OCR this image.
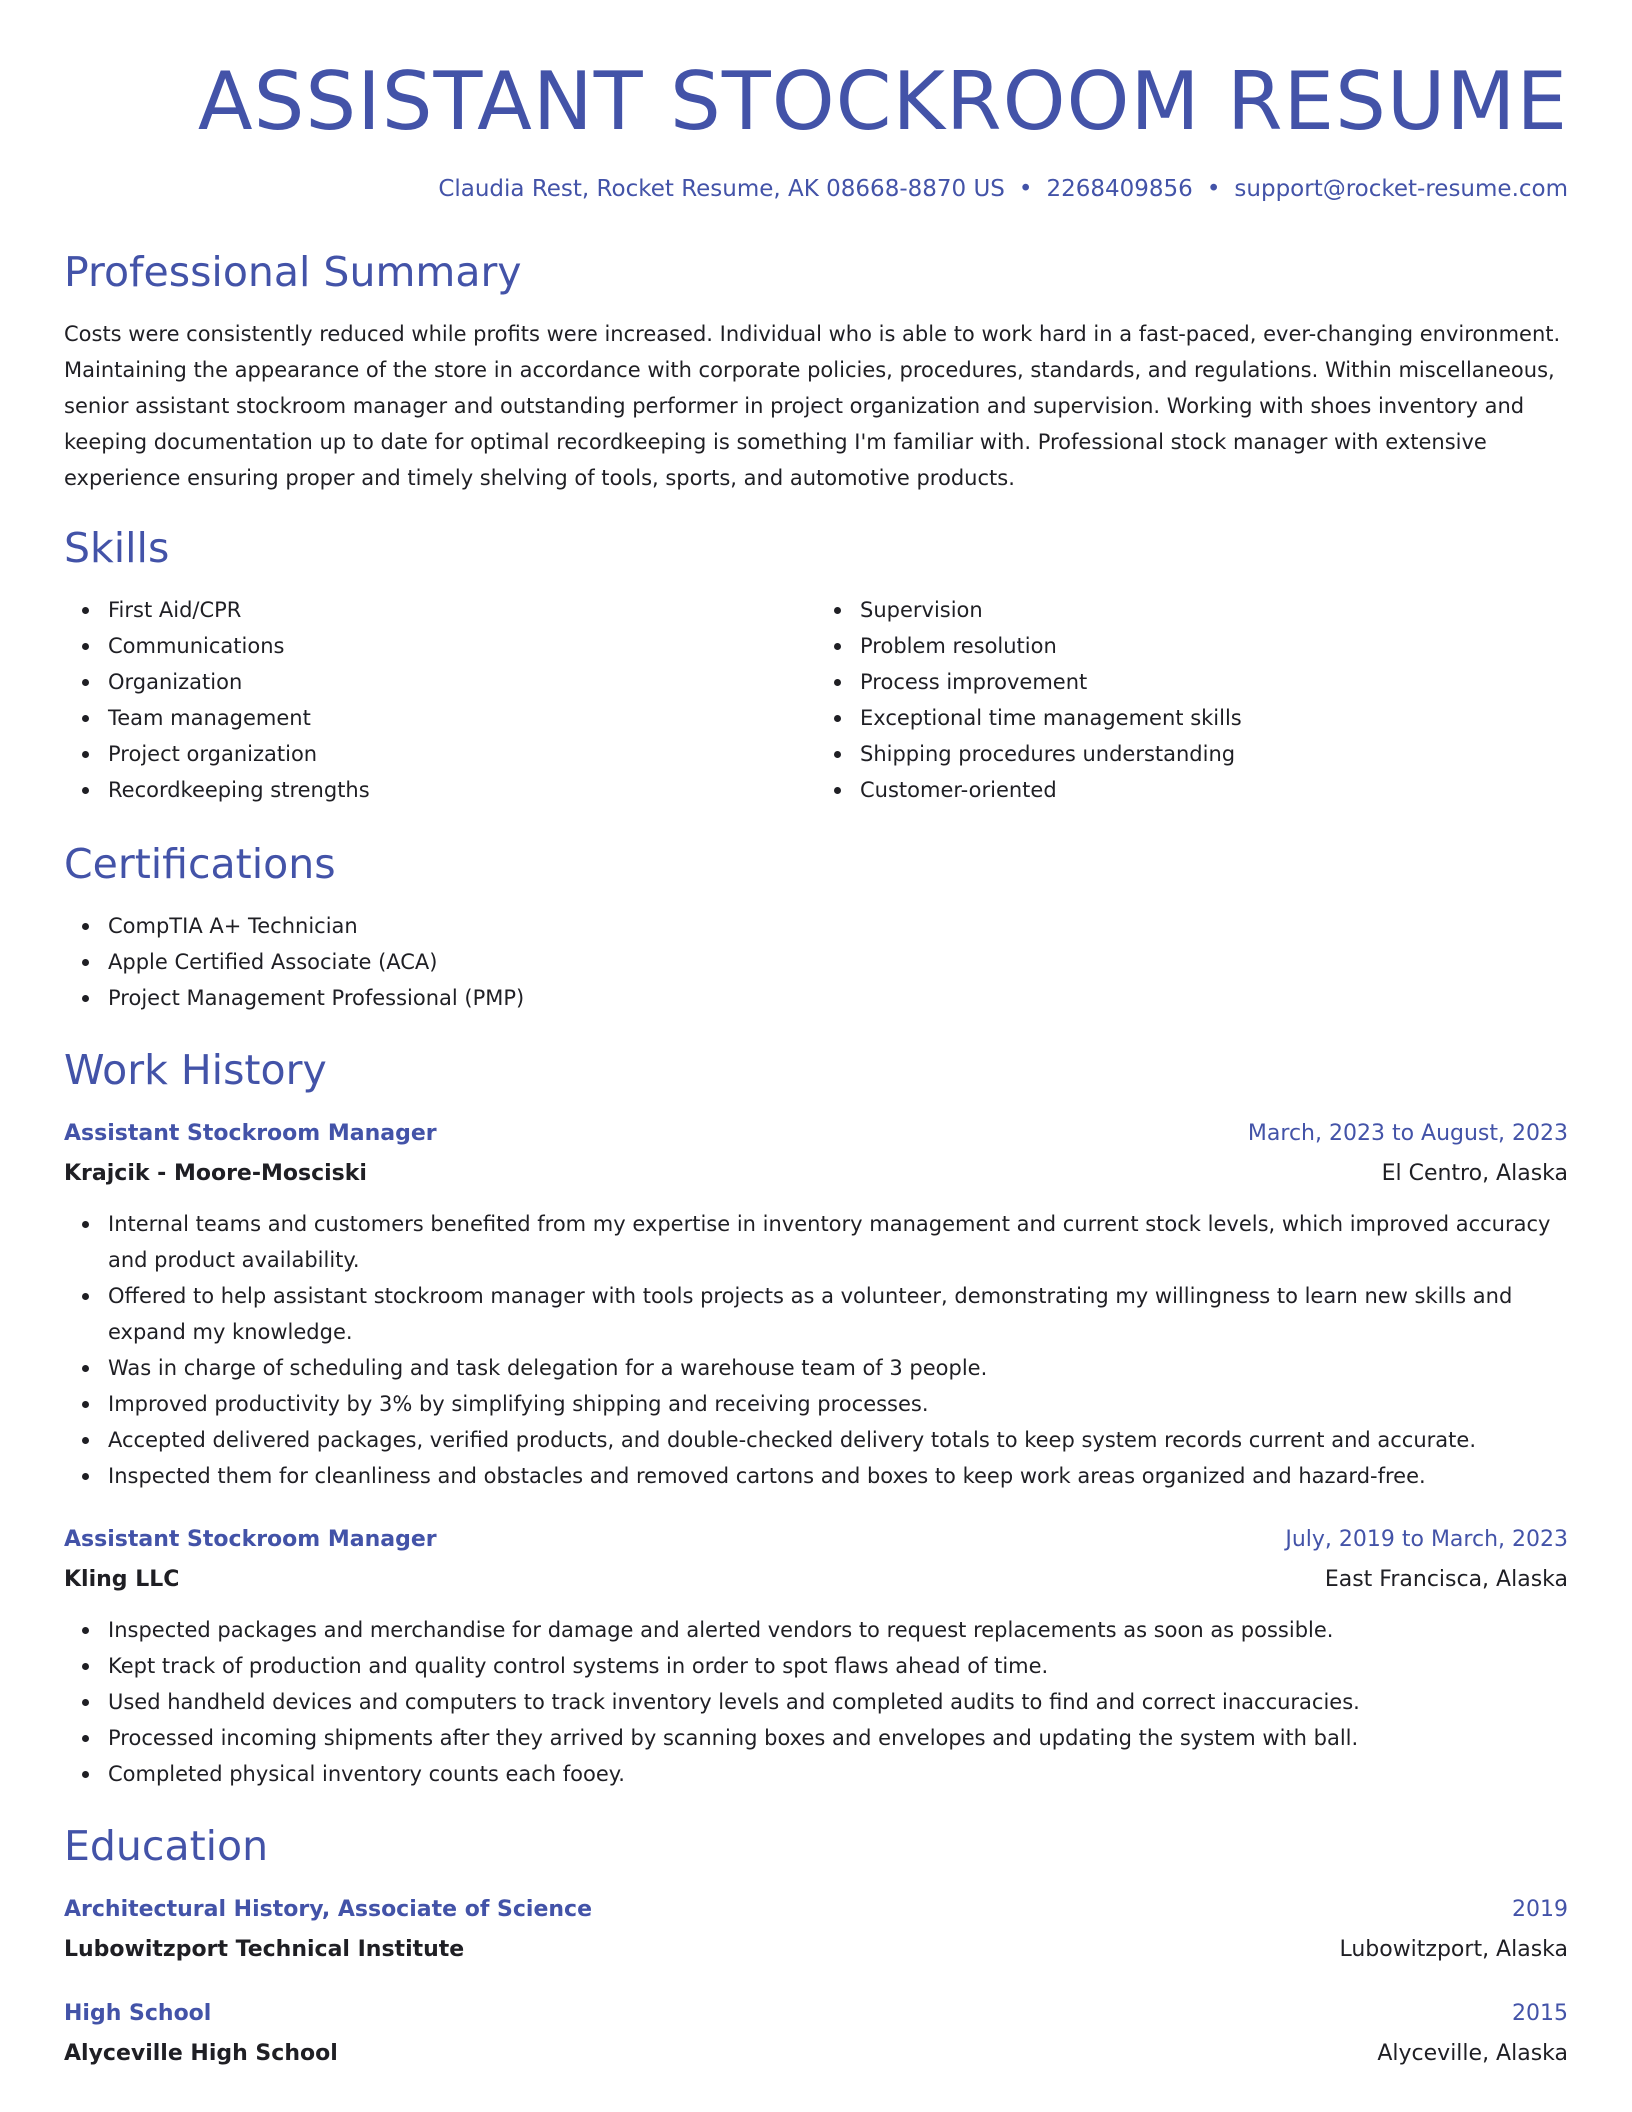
ASSISTANT STOCKROOM RESUME
Claudia Rest, Rocket Resume, AK 08668-8870 US • 2268409856 • support@rocket-resume.com
Professional Summary

Costs were consistently reduced while profits were increased. Individual who is able to work hard in a fast-paced, ever-changing environment. Maintaining the appearance of the store in accordance with corporate policies, procedures, standards, and regulations. Within miscellaneous, senior assistant stockroom manager and outstanding performer in project organization and supervision. Working with shoes inventory and keeping documentation up to date for optimal recordkeeping is something I'm familiar with. Professional stock manager with extensive experience ensuring proper and timely shelving of tools, sports, and automotive products.

Skills
First Aid/CPR
Communications
Organization
Team management
Project organization
Recordkeeping strengths
Supervision
Problem resolution
Process improvement
Exceptional time management skills
Shipping procedures understanding
Customer-oriented
Certifications
CompTIA A+ Technician
Apple Certified Associate (ACA)
Project Management Professional (PMP)
Work History
Assistant Stockroom Manager	March, 2023 to August, 2023
Krajcik - Moore-Mosciski	El Centro, Alaska
Internal teams and customers benefited from my expertise in inventory management and current stock levels, which improved accuracy and product availability.
Offered to help assistant stockroom manager with tools projects as a volunteer, demonstrating my willingness to learn new skills and expand my knowledge.
Was in charge of scheduling and task delegation for a warehouse team of 3 people.
Improved productivity by 3% by simplifying shipping and receiving processes.
Accepted delivered packages, verified products, and double-checked delivery totals to keep system records current and accurate.
Inspected them for cleanliness and obstacles and removed cartons and boxes to keep work areas organized and hazard-free.
Assistant Stockroom Manager	July, 2019 to March, 2023
Kling LLC	East Francisca, Alaska
Inspected packages and merchandise for damage and alerted vendors to request replacements as soon as possible.
Kept track of production and quality control systems in order to spot flaws ahead of time.
Used handheld devices and computers to track inventory levels and completed audits to find and correct inaccuracies.
Processed incoming shipments after they arrived by scanning boxes and envelopes and updating the system with ball.
Completed physical inventory counts each fooey.
Education
Architectural History, Associate of Science	2019
Lubowitzport Technical Institute	Lubowitzport, Alaska
High School	2015
Alyceville High School	Alyceville, Alaska
